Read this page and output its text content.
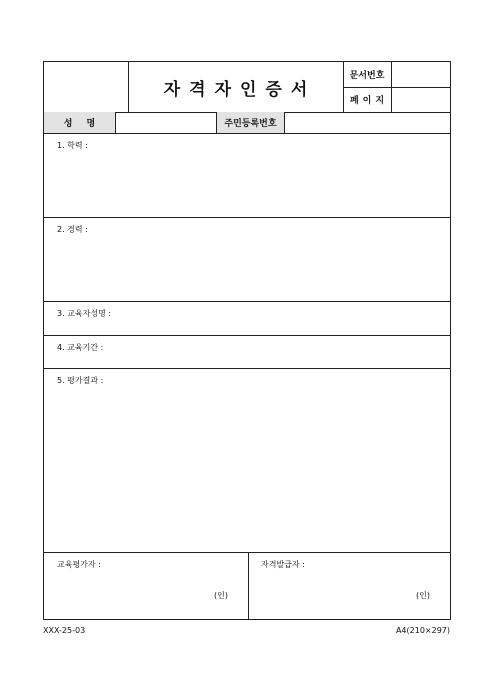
자격자인증서
문서번호
페이지
성명	주민등록번호
1. 학력 :
2. 경력 :
3. 교육자성명 :
4. 교육기간 :
5. 평가결과 :
교육평가자 :
(인)
자격발급자 :
(인)
XXX-25-03	A4(210×297)
